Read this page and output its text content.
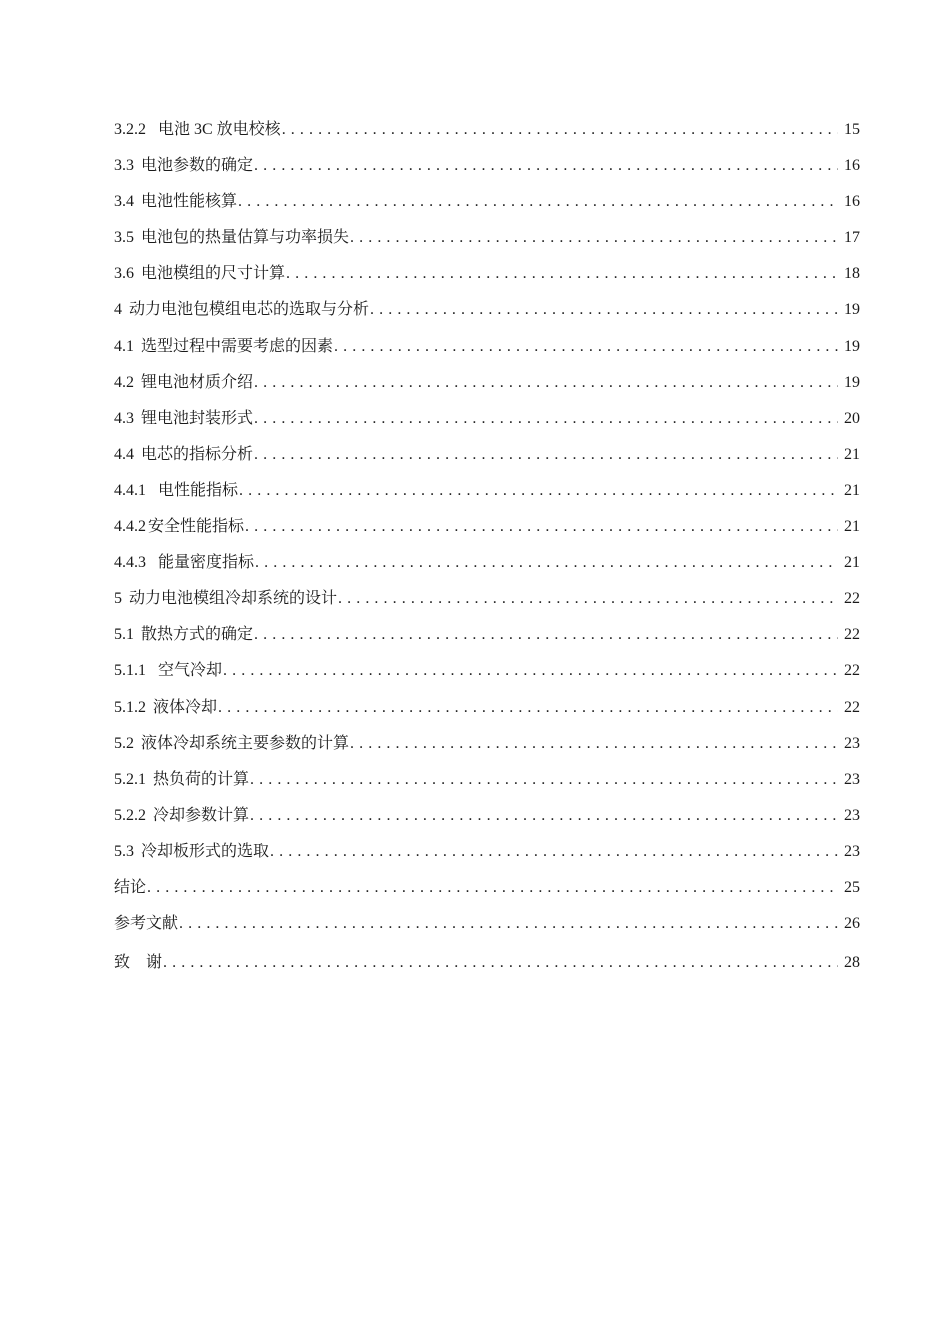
3.2.2 电池 3C 放电校核 . . .	15
3.3 电池参数的确定 . . .	16
3.4 电池性能核算 . . .	16
3.5 电池包的热量估算与功率损失 . . .	17
3.6 电池模组的尺寸计算 . . .	18
4 动力电池包模组电芯的选取与分析 . . .	19
4.1 选型过程中需要考虑的因素 . . .	19
4.2 锂电池材质介绍 . . .	19
4.3 锂电池封装形式 . . .	20
4.4 电芯的指标分析 . . .	21
4.4.1 电性能指标 . . .	21
4.4.2 安全性能指标 . . .	21
4.4.3 能量密度指标 . . .	21
5 动力电池模组冷却系统的设计 . . .	22
5.1 散热方式的确定 . . .	22
5.1.1 空气冷却 . . .	22
5.1.2 液体冷却 . . .	22
5.2 液体冷却系统主要参数的计算 . . .	23
5.2.1 热负荷的计算 . . .	23
5.2.2 冷却参数计算 . . .	23
5.3 冷却板形式的选取 . . .	23
结论 . . .	25
参考文献 . . .	26
致    谢 . . .	28
